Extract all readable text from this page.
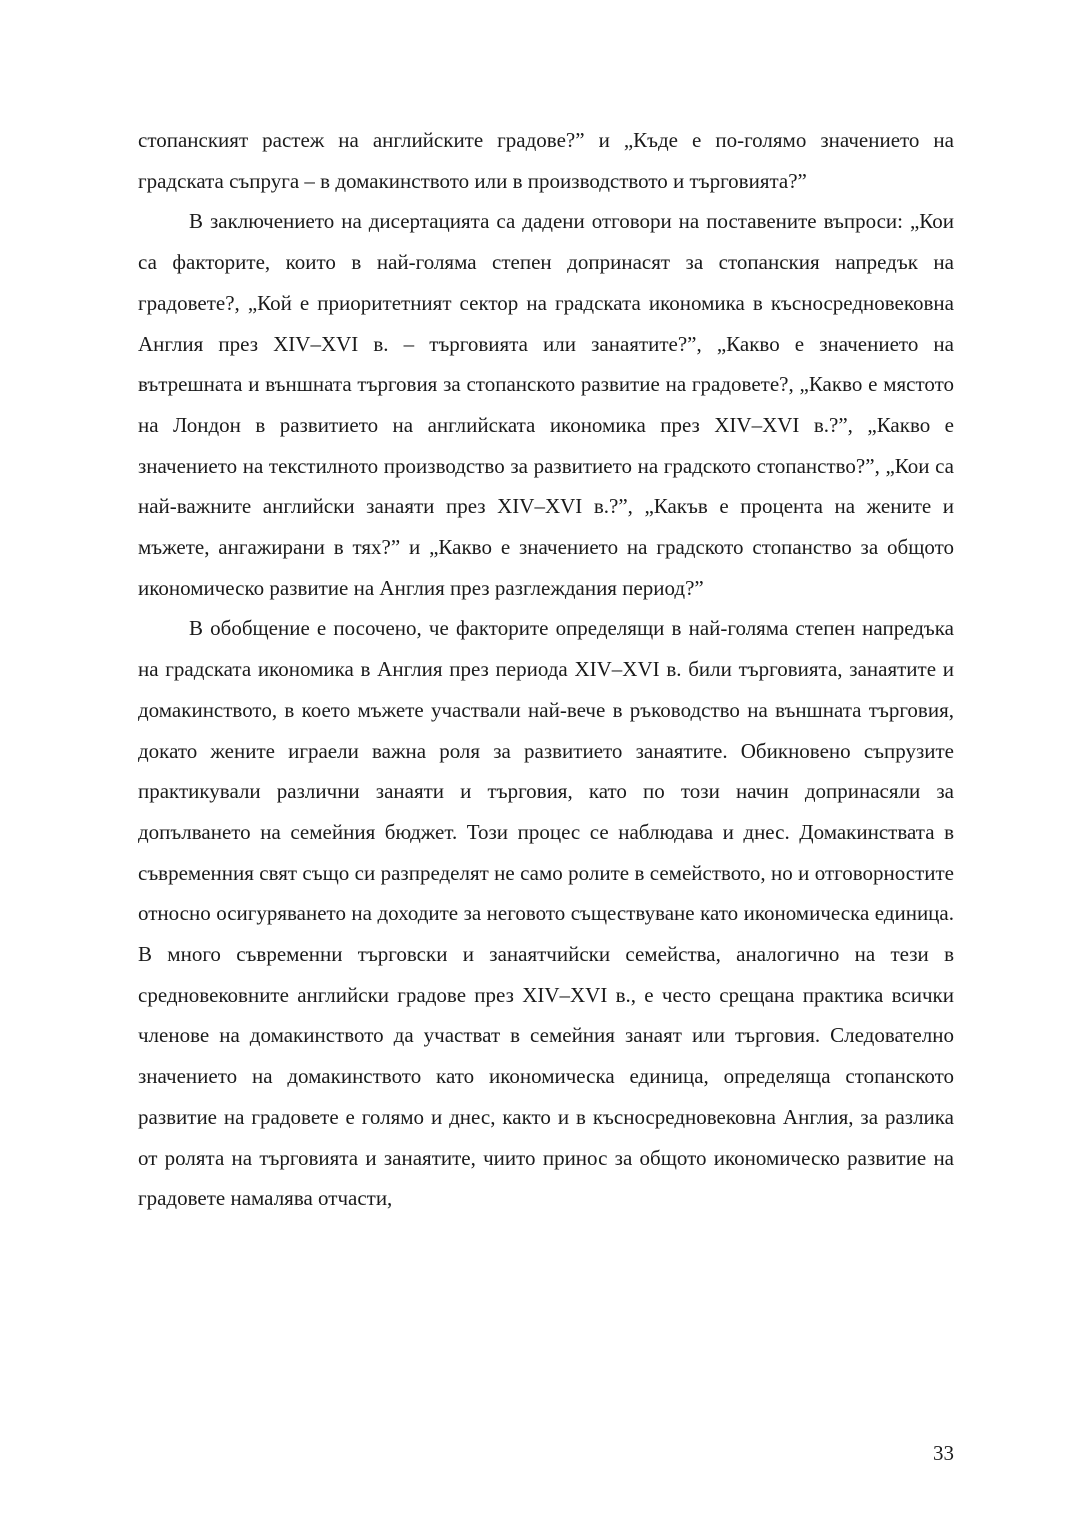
стопанският растеж на английските градове?” и „Къде е по-голямо значението на градската съпруга – в домакинството или в производството и търговията?”

В заключението на дисертацията са дадени отговори на поставените въпроси: „Кои са факторите, които в най-голяма степен допринасят за стопанския напредък на градовете?, „Кой е приоритетният сектор на градската икономика в късносредновековна Англия през XIV–XVI в. – търговията или занаятите?”, „Какво е значението на вътрешната и външната търговия за стопанското развитие на градовете?, „Какво е мястото на Лондон в развитието на английската икономика през XIV–XVI в.?”, „Какво е значението на текстилното производство за развитието на градското стопанство?”, „Кои са най-важните английски занаяти през XIV–XVI в.?”, „Какъв е процента на жените и мъжете, ангажирани в тях?” и „Какво е значението на градското стопанство за общото икономическо развитие на Англия през разглеждания период?”

В обобщение е посочено, че факторите определящи в най-голяма степен напредъка на градската икономика в Англия през периода XIV–XVI в. били търговията, занаятите и домакинството, в което мъжете участвали най-вече в ръководство на външната търговия, докато жените играели важна роля за развитието занаятите. Обикновено съпрузите практикували различни занаяти и търговия, като по този начин допринасяли за допълването на семейния бюджет. Този процес се наблюдава и днес. Домакинствата в съвременния свят също си разпределят не само ролите в семейството, но и отговорностите относно осигуряването на доходите за неговото съществуване като икономическа единица. В много съвременни търговски и занаятчийски семейства, аналогично на тези в средновековните английски градове през XIV–XVI в., е често срещана практика всички членове на домакинството да участват в семейния занаят или търговия. Следователно значението на домакинството като икономическа единица, определяща стопанското развитие на градовете е голямо и днес, както и в късносредновековна Англия, за разлика от ролята на търговията и занаятите, чиито принос за общото икономическо развитие на градовете намалява отчасти,

33
